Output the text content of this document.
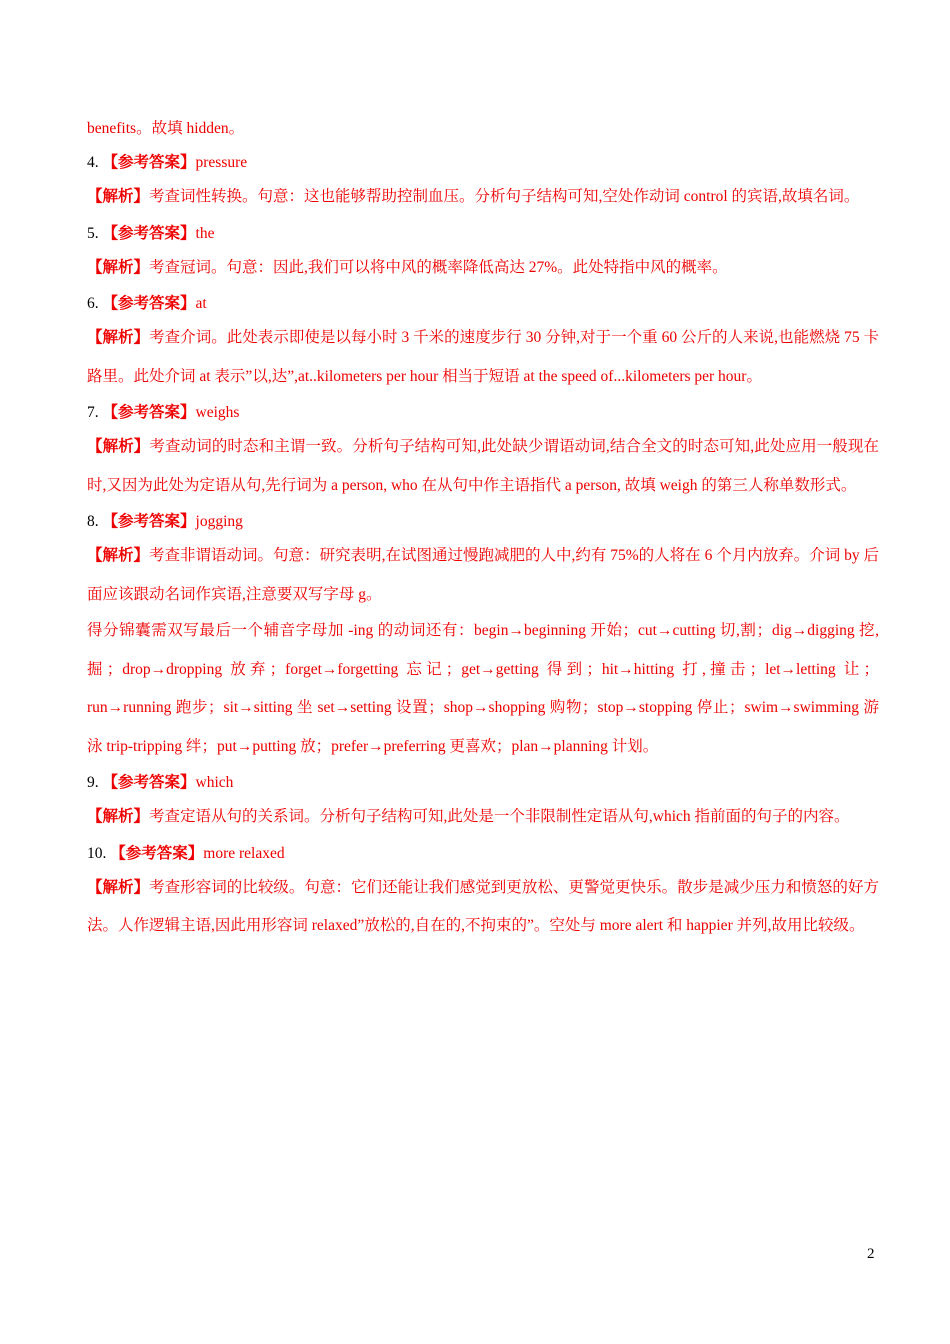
benefits。故填 hidden。
4. 【参考答案】pressure
【解析】考查词性转换。句意：这也能够帮助控制血压。分析句子结构可知,空处作动词 control 的宾语,故填名词。
5. 【参考答案】the
【解析】考查冠词。句意：因此,我们可以将中风的概率降低高达 27%。此处特指中风的概率。
6. 【参考答案】at
【解析】考查介词。此处表示即使是以每小时 3 千米的速度步行 30 分钟,对于一个重 60 公斤的人来说,也能燃烧 75 卡路里。此处介词 at 表示”以,达”,at..kilometers per hour 相当于短语 at the speed of...kilometers per hour。
7. 【参考答案】weighs
【解析】考查动词的时态和主谓一致。分析句子结构可知,此处缺少谓语动词,结合全文的时态可知,此处应用一般现在时,又因为此处为定语从句,先行词为 a person, who 在从句中作主语指代 a person, 故填 weigh 的第三人称单数形式。
8. 【参考答案】jogging
【解析】考查非谓语动词。句意：研究表明,在试图通过慢跑减肥的人中,约有 75%的人将在 6 个月内放弃。介词 by 后面应该跟动名词作宾语,注意要双写字母 g。
得分锦囊需双写最后一个辅音字母加 -ing 的动词还有：begin→beginning 开始；cut→cutting 切,割；dig→digging 挖,掘；drop→dropping 放弃；forget→forgetting 忘记；get→getting 得到；hit→hitting 打,撞击；let→letting 让；run→running 跑步；sit→sitting 坐 set→setting 设置；shop→shopping 购物；stop→stopping 停止；swim→swimming 游泳 trip-tripping 绊；put→putting 放；prefer→preferring 更喜欢；plan→planning 计划。
9. 【参考答案】which
【解析】考查定语从句的关系词。分析句子结构可知,此处是一个非限制性定语从句,which 指前面的句子的内容。
10. 【参考答案】more relaxed
【解析】考查形容词的比较级。句意：它们还能让我们感觉到更放松、更警觉更快乐。散步是减少压力和愤怒的好方法。人作逻辑主语,因此用形容词 relaxed”放松的,自在的,不拘束的”。空处与 more alert 和 happier 并列,故用比较级。
2
